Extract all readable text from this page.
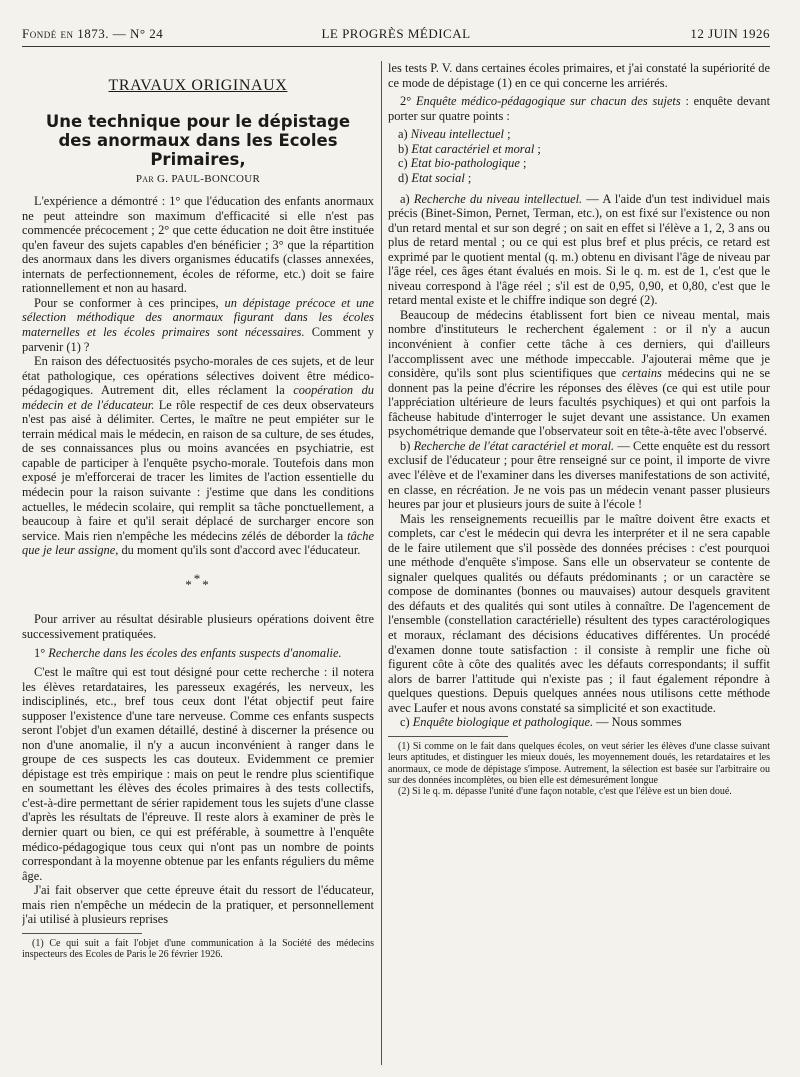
Fondé en 1873. — N° 24	LE PROGRÈS MÉDICAL	12 JUIN 1926

TRAVAUX ORIGINAUX

Une technique pour le dépistage

des anormaux dans les Ecoles Primaires,

Par G. PAUL-BONCOUR

L'expérience a démontré : 1° que l'éducation des enfants anormaux ne peut atteindre son maximum d'efficacité si elle n'est pas commencée précocement ; 2° que cette éducation ne doit être instituée qu'en faveur des sujets capables d'en bénéficier ; 3° que la répartition des anormaux dans les divers organismes éducatifs (classes annexées, internats de perfectionnement, écoles de réforme, etc.) doit se faire rationnellement et non au hasard.

Pour se conformer à ces principes, un dépistage précoce et une sélection méthodique des anormaux figurant dans les écoles maternelles et les écoles primaires sont nécessaires. Comment y parvenir (1) ?

En raison des défectuosités psycho-morales de ces sujets, et de leur état pathologique, ces opérations sélectives doivent être médico-pédagogiques. Autrement dit, elles réclament la coopération du médecin et de l'éducateur. Le rôle respectif de ces deux observateurs n'est pas aisé à délimiter. Certes, le maître ne peut empiéter sur le terrain médical mais le médecin, en raison de sa culture, de ses études, de ses connaissances plus ou moins avancées en psychiatrie, est capable de participer à l'enquête psycho-morale. Toutefois dans mon exposé je m'efforcerai de tracer les limites de l'action essentielle du médecin pour la raison suivante : j'estime que dans les conditions actuelles, le médecin scolaire, qui remplit sa tâche ponctuellement, a beaucoup à faire et qu'il serait déplacé de surcharger encore son service. Mais rien n'empêche les médecins zélés de déborder la tâche que je leur assigne, du moment qu'ils sont d'accord avec l'éducateur.

***

Pour arriver au résultat désirable plusieurs opérations doivent être successivement pratiquées.

1° Recherche dans les écoles des enfants suspects d'anomalie.

C'est le maître qui est tout désigné pour cette recherche : il notera les élèves retardataires, les paresseux exagérés, les nerveux, les indisciplinés, etc., bref tous ceux dont l'état objectif peut faire supposer l'existence d'une tare nerveuse. Comme ces enfants suspects seront l'objet d'un examen détaillé, destiné à discerner la présence ou non d'une anomalie, il n'y a aucun inconvénient à ranger dans le groupe de ces suspects les cas douteux. Evidemment ce premier dépistage est très empirique : mais on peut le rendre plus scientifique en soumettant les élèves des écoles primaires à des tests collectifs, c'est-à-dire permettant de sérier rapidement tous les sujets d'une classe d'après les résultats de l'épreuve. Il reste alors à examiner de près le dernier quart ou bien, ce qui est préférable, à soumettre à l'enquête médico-pédagogique tous ceux qui n'ont pas un nombre de points correspondant à la moyenne obtenue par les enfants réguliers du même âge.

J'ai fait observer que cette épreuve était du ressort de l'éducateur, mais rien n'empêche un médecin de la pratiquer, et personnellement j'ai utilisé à plusieurs reprises

(1) Ce qui suit a fait l'objet d'une communication à la Société des médecins inspecteurs des Ecoles de Paris le 26 février 1926.

les tests P. V. dans certaines écoles primaires, et j'ai constaté la supériorité de ce mode de dépistage (1) en ce qui concerne les arriérés.

2° Enquête médico-pédagogique sur chacun des sujets : enquête devant porter sur quatre points :

a) Niveau intellectuel ;
b) Etat caractériel et moral ;
c) Etat bio-pathologique ;
d) Etat social ;

a) Recherche du niveau intellectuel. — A l'aide d'un test individuel mais précis (Binet-Simon, Pernet, Terman, etc.), on est fixé sur l'existence ou non d'un retard mental et sur son degré ; on sait en effet si l'élève a 1, 2, 3 ans ou plus de retard mental ; ou ce qui est plus bref et plus précis, ce retard est exprimé par le quotient mental (q. m.) obtenu en divisant l'âge de niveau par l'âge réel, ces âges étant évalués en mois. Si le q. m. est de 1, c'est que le niveau correspond à l'âge réel ; s'il est de 0,95, 0,90, et 0,80, c'est que le retard mental existe et le chiffre indique son degré (2).

Beaucoup de médecins établissent fort bien ce niveau mental, mais nombre d'instituteurs le recherchent également : or il n'y a aucun inconvénient à confier cette tâche à ces derniers, qui d'ailleurs l'accomplissent avec une méthode impeccable. J'ajouterai même que je considère, qu'ils sont plus scientifiques que certains médecins qui ne se donnent pas la peine d'écrire les réponses des élèves (ce qui est utile pour l'appréciation ultérieure de leurs facultés psychiques) et qui ont parfois la fâcheuse habitude d'interroger le sujet devant une assistance. Un examen psychométrique demande que l'observateur soit en tête-à-tête avec l'observé.

b) Recherche de l'état caractériel et moral. — Cette enquête est du ressort exclusif de l'éducateur ; pour être renseigné sur ce point, il importe de vivre avec l'élève et de l'examiner dans les diverses manifestations de son activité, en classe, en récréation. Je ne vois pas un médecin venant passer plusieurs heures par jour et plusieurs jours de suite à l'école !

Mais les renseignements recueillis par le maître doivent être exacts et complets, car c'est le médecin qui devra les interpréter et il ne sera capable de le faire utilement que s'il possède des données précises : c'est pourquoi une méthode d'enquête s'impose. Sans elle un observateur se contente de signaler quelques qualités ou défauts prédominants ; or un caractère se compose de dominantes (bonnes ou mauvaises) autour desquels gravitent des défauts et des qualités qui sont utiles à connaître. De l'agencement de l'ensemble (constellation caractérielle) résultent des types caractérologiques et moraux, réclamant des décisions éducatives différentes. Un procédé d'examen donne toute satisfaction : il consiste à remplir une fiche où figurent côte à côte des qualités avec les défauts correspondants; il suffit alors de barrer l'attitude qui n'existe pas ; il faut également répondre à quelques questions. Depuis quelques années nous utilisons cette méthode avec Laufer et nous avons constaté sa simplicité et son exactitude.

c) Enquête biologique et pathologique. — Nous sommes

(1) Si comme on le fait dans quelques écoles, on veut sérier les élèves d'une classe suivant leurs aptitudes, et distinguer les mieux doués, les moyennement doués, les retardataires et les anormaux, ce mode de dépistage s'impose. Autrement, la sélection est basée sur l'arbitraire ou sur des données incomplètes, ou bien elle est démesurément longue

(2) Si le q. m. dépasse l'unité d'une façon notable, c'est que l'élève est un bien doué.
